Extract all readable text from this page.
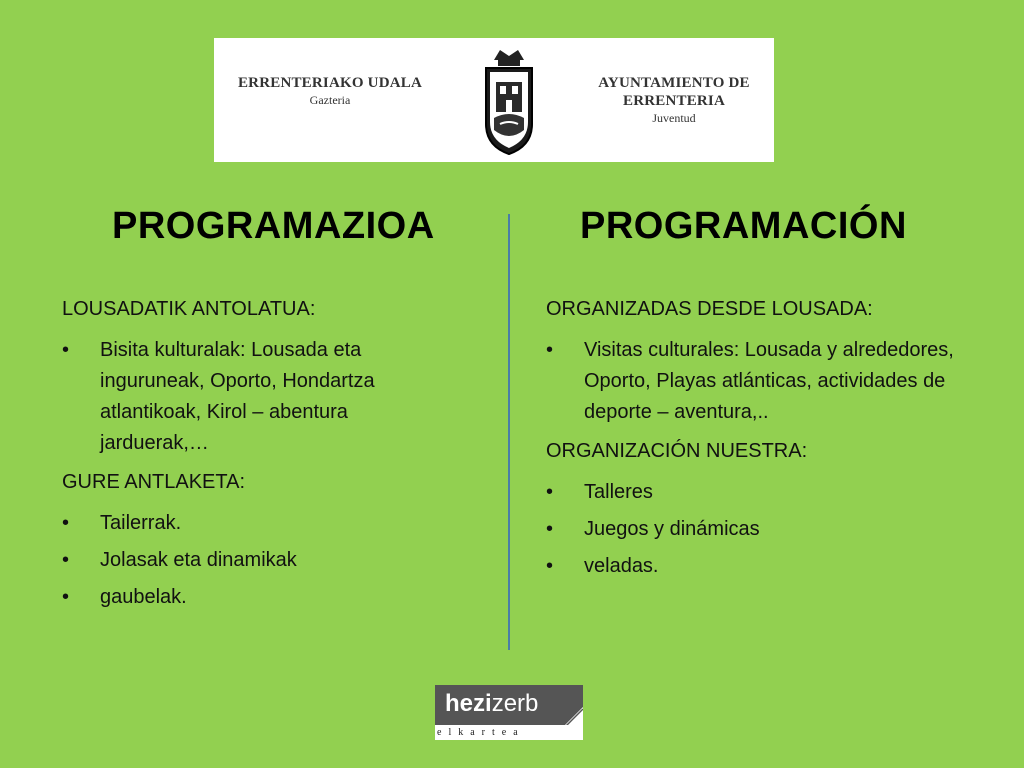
ERRENTERIAKO UDALA
Gazteria
AYUNTAMIENTO DE
ERRENTERIA
Juventud
PROGRAMAZIOA	PROGRAMACIÓN
LOUSADATIK ANTOLATUA:
• Bisita kulturalak: Lousada eta inguruneak, Oporto, Hondartza atlantikoak, Kirol – abentura jarduerak,…
GURE ANTLAKETA:
• Tailerrak.
• Jolasak eta dinamikak
• gaubelak.
ORGANIZADAS DESDE LOUSADA:
• Visitas culturales: Lousada y alrededores, Oporto, Playas atlánticas, actividades de deporte – aventura,..
ORGANIZACIÓN NUESTRA:
• Talleres
• Juegos y dinámicas
• veladas.
hezizerb
elkartea
